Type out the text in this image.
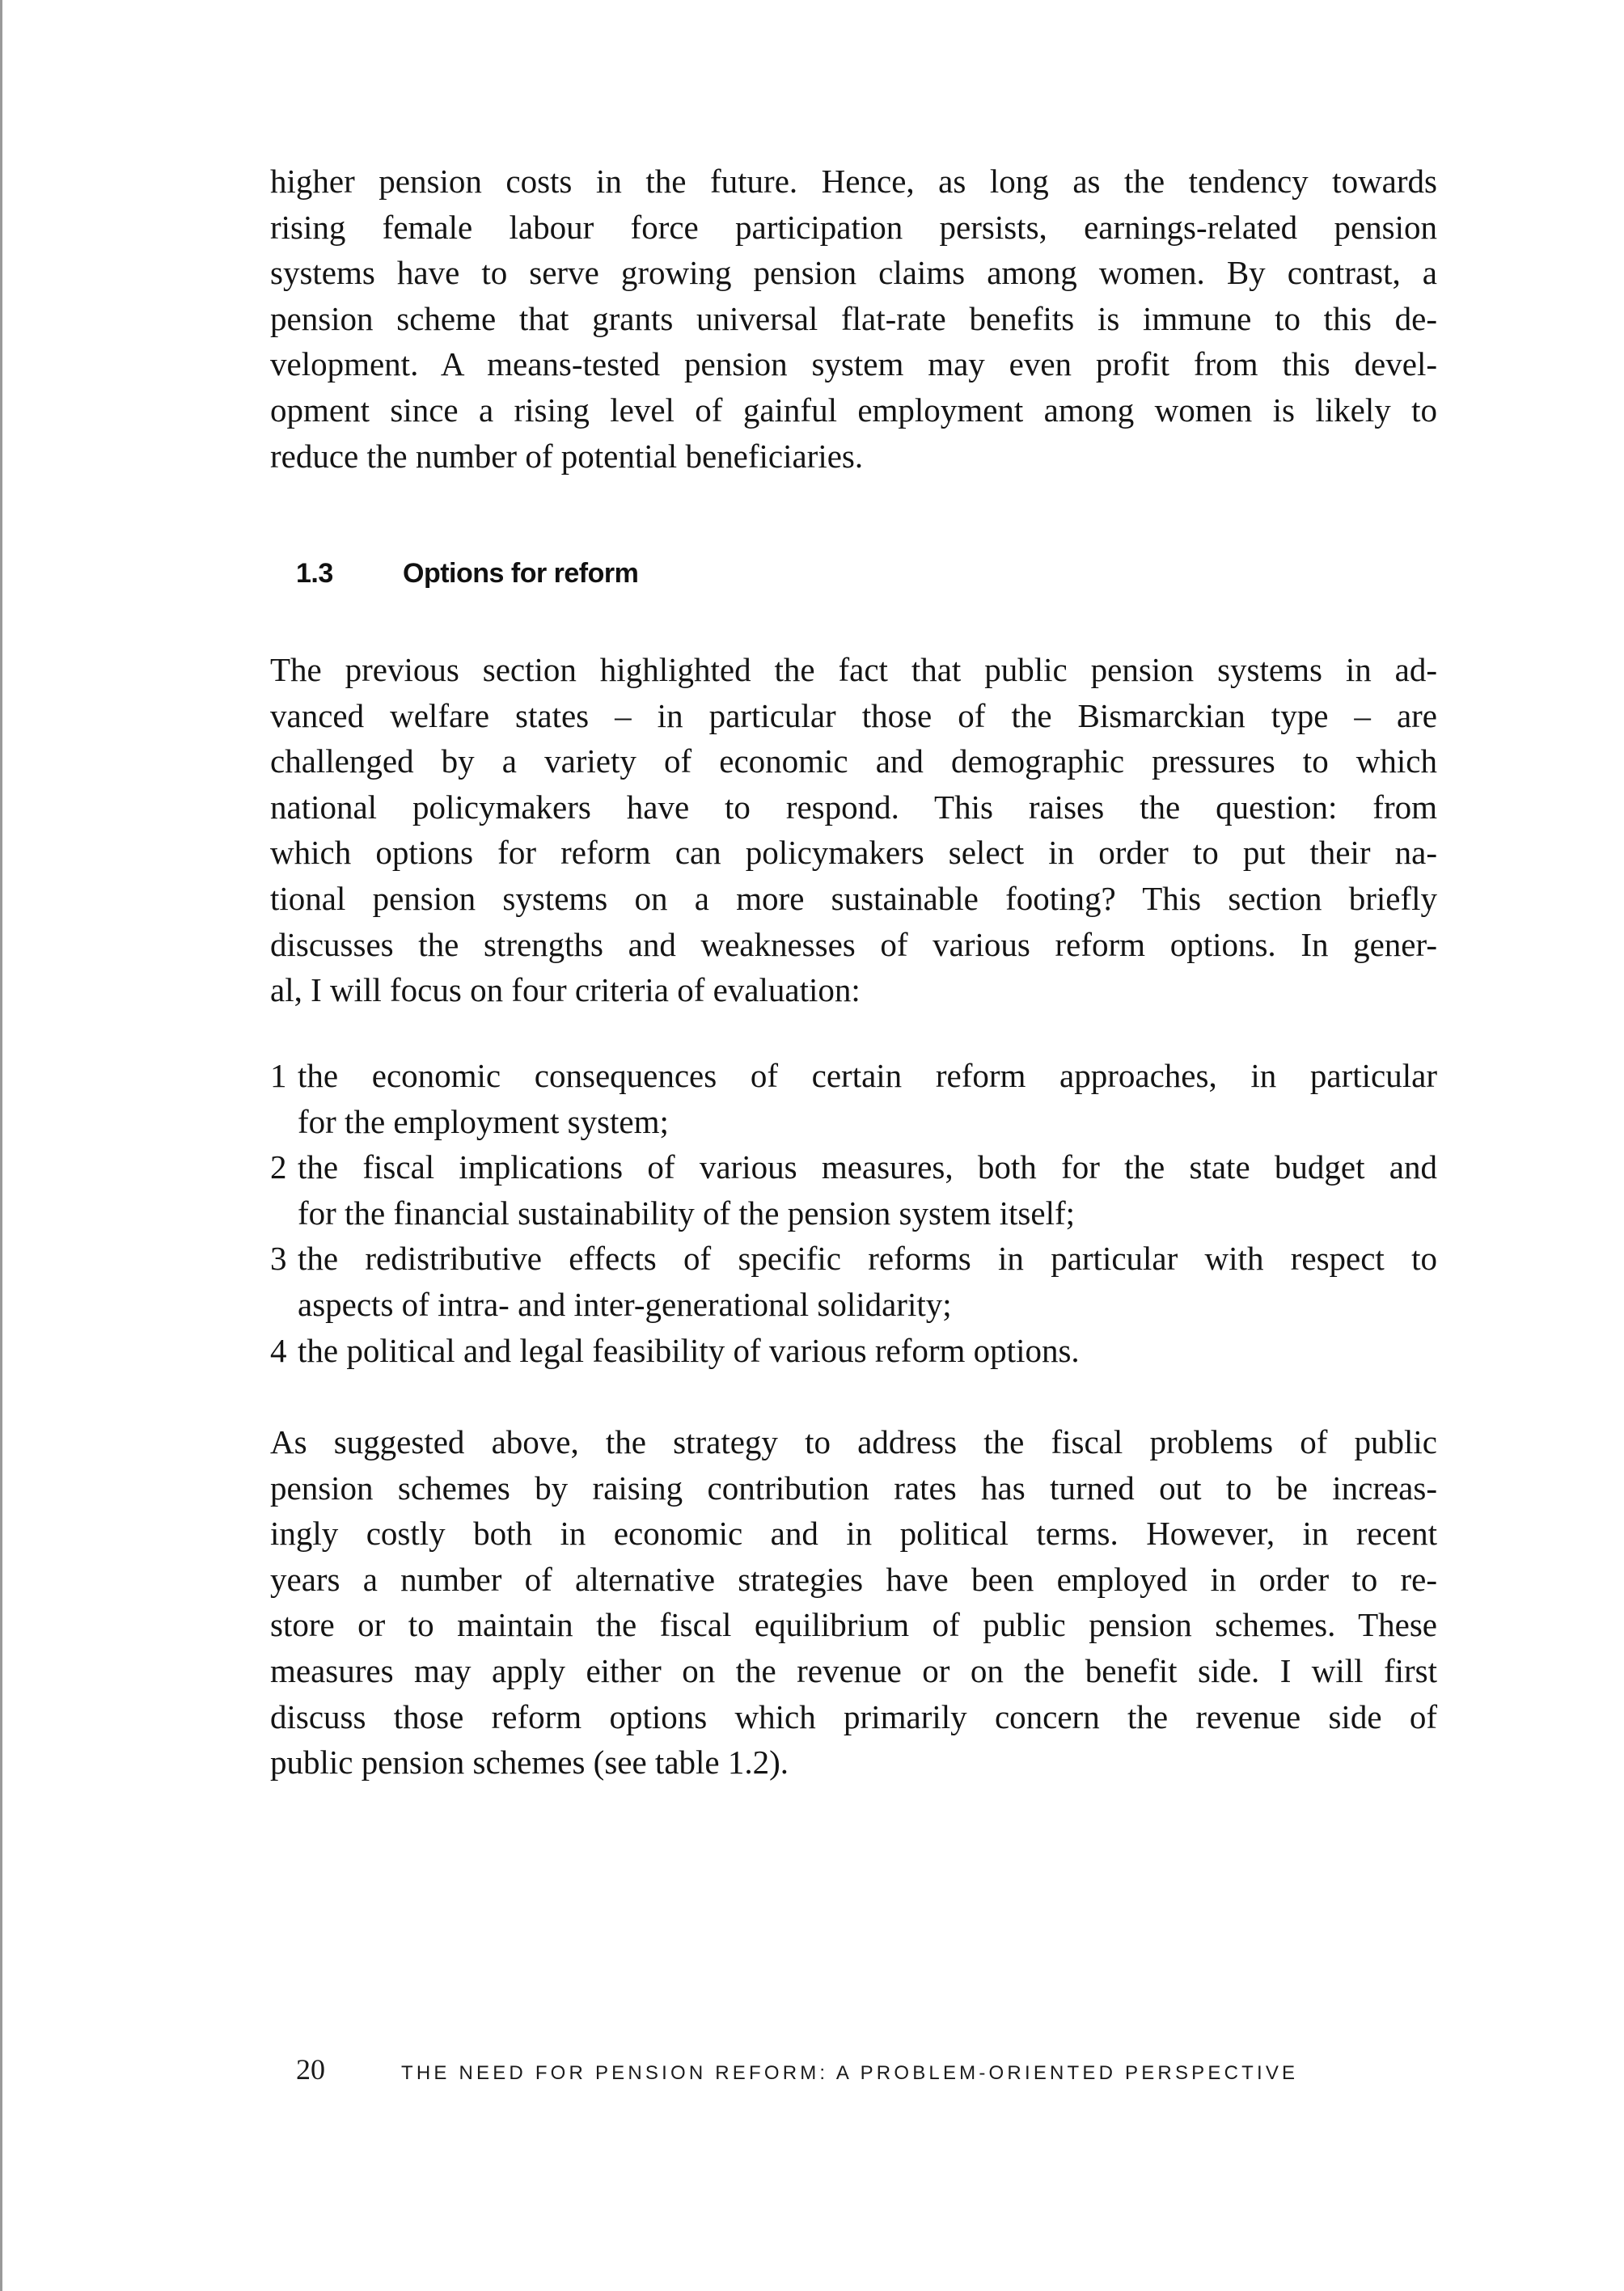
higher pension costs in the future. Hence, as long as the tendency towards
rising female labour force participation persists, earnings-related pension
systems have to serve growing pension claims among women. By contrast, a
pension scheme that grants universal flat-rate benefits is immune to this de-
velopment. A means-tested pension system may even profit from this devel-
opment since a rising level of gainful employment among women is likely to
reduce the number of potential beneficiaries.
1.3	Options for reform
The previous section highlighted the fact that public pension systems in ad-
vanced welfare states – in particular those of the Bismarckian type – are
challenged by a variety of economic and demographic pressures to which
national policymakers have to respond. This raises the question: from
which options for reform can policymakers select in order to put their na-
tional pension systems on a more sustainable footing? This section briefly
discusses the strengths and weaknesses of various reform options. In gener-
al, I will focus on four criteria of evaluation:
1 the economic consequences of certain reform approaches, in particular
for the employment system;
2 the fiscal implications of various measures, both for the state budget and
for the financial sustainability of the pension system itself;
3 the redistributive effects of specific reforms in particular with respect to
aspects of intra- and inter-generational solidarity;
4 the political and legal feasibility of various reform options.
As suggested above, the strategy to address the fiscal problems of public
pension schemes by raising contribution rates has turned out to be increas-
ingly costly both in economic and in political terms. However, in recent
years a number of alternative strategies have been employed in order to re-
store or to maintain the fiscal equilibrium of public pension schemes. These
measures may apply either on the revenue or on the benefit side. I will first
discuss those reform options which primarily concern the revenue side of
public pension schemes (see table 1.2).
20	THE NEED FOR PENSION REFORM: A PROBLEM-ORIENTED PERSPECTIVE
